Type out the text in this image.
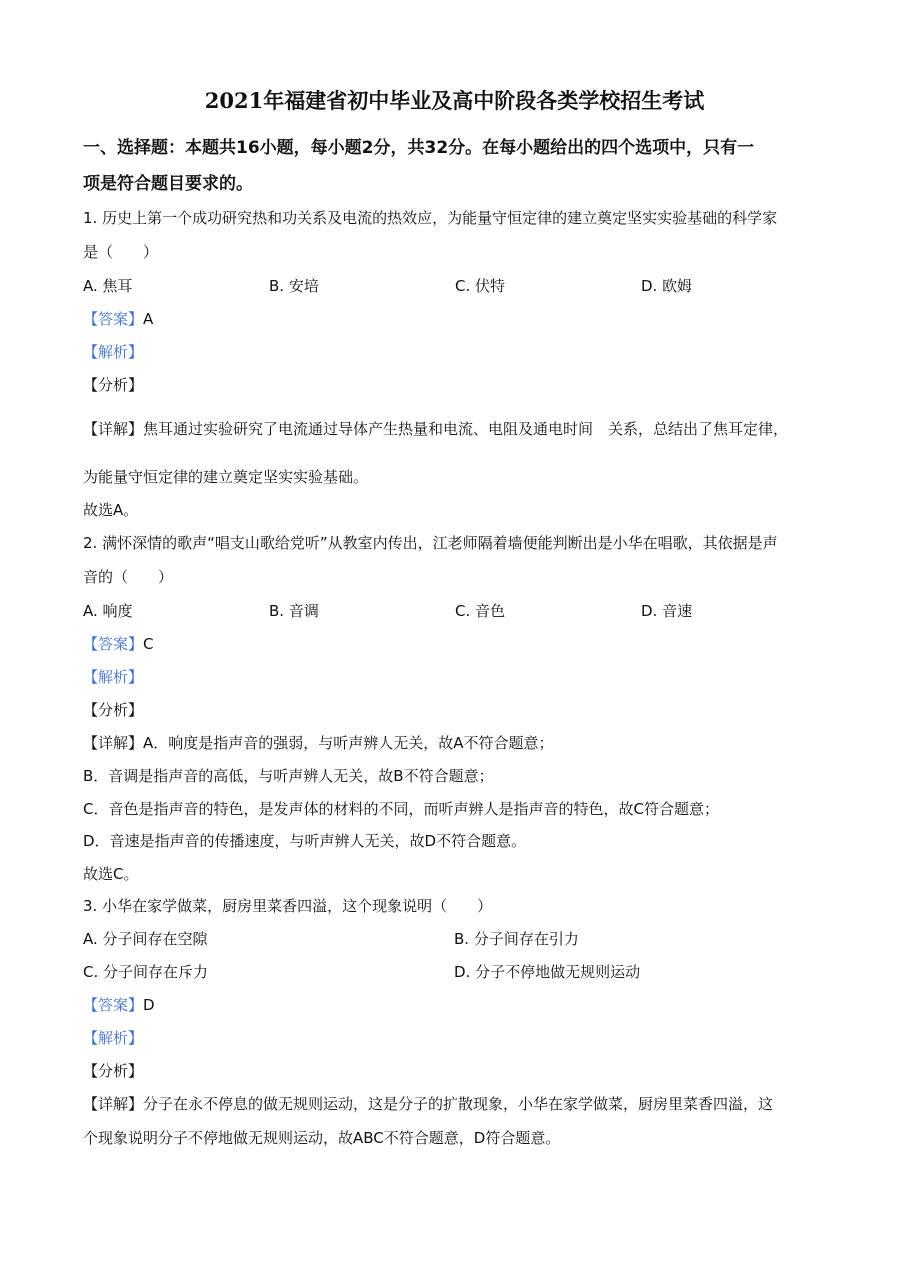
2021年福建省初中毕业及高中阶段各类学校招生考试
一、选择题：本题共16小题，每小题2分，共32分。在每小题给出的四个选项中，只有一
项是符合题目要求的。
1. 历史上第一个成功研究热和功关系及电流的热效应，为能量守恒定律的建立奠定坚实实验基础的科学家
是（　　）
A. 焦耳	B. 安培	C. 伏特	D. 欧姆
【答案】A
【解析】
【分析】
【详解】焦耳通过实验研究了电流通过导体产生热量和电流、电阻及通电时间　关系，总结出了焦耳定律，
为能量守恒定律的建立奠定坚实实验基础。
故选A。
2. 满怀深情的歌声“唱支山歌给党听”从教室内传出，江老师隔着墙便能判断出是小华在唱歌，其依据是声
音的（　　）
A. 响度	B. 音调	C. 音色	D. 音速
【答案】C
【解析】
【分析】
【详解】A．响度是指声音的强弱，与听声辨人无关，故A不符合题意；
B．音调是指声音的高低，与听声辨人无关，故B不符合题意；
C．音色是指声音的特色，是发声体的材料的不同，而听声辨人是指声音的特色，故C符合题意；
D．音速是指声音的传播速度，与听声辨人无关，故D不符合题意。
故选C。
3. 小华在家学做菜，厨房里菜香四溢，这个现象说明（　　）
A. 分子间存在空隙	B. 分子间存在引力
C. 分子间存在斥力	D. 分子不停地做无规则运动
【答案】D
【解析】
【分析】
【详解】分子在永不停息的做无规则运动，这是分子的扩散现象，小华在家学做菜，厨房里菜香四溢，这
个现象说明分子不停地做无规则运动，故ABC不符合题意，D符合题意。
